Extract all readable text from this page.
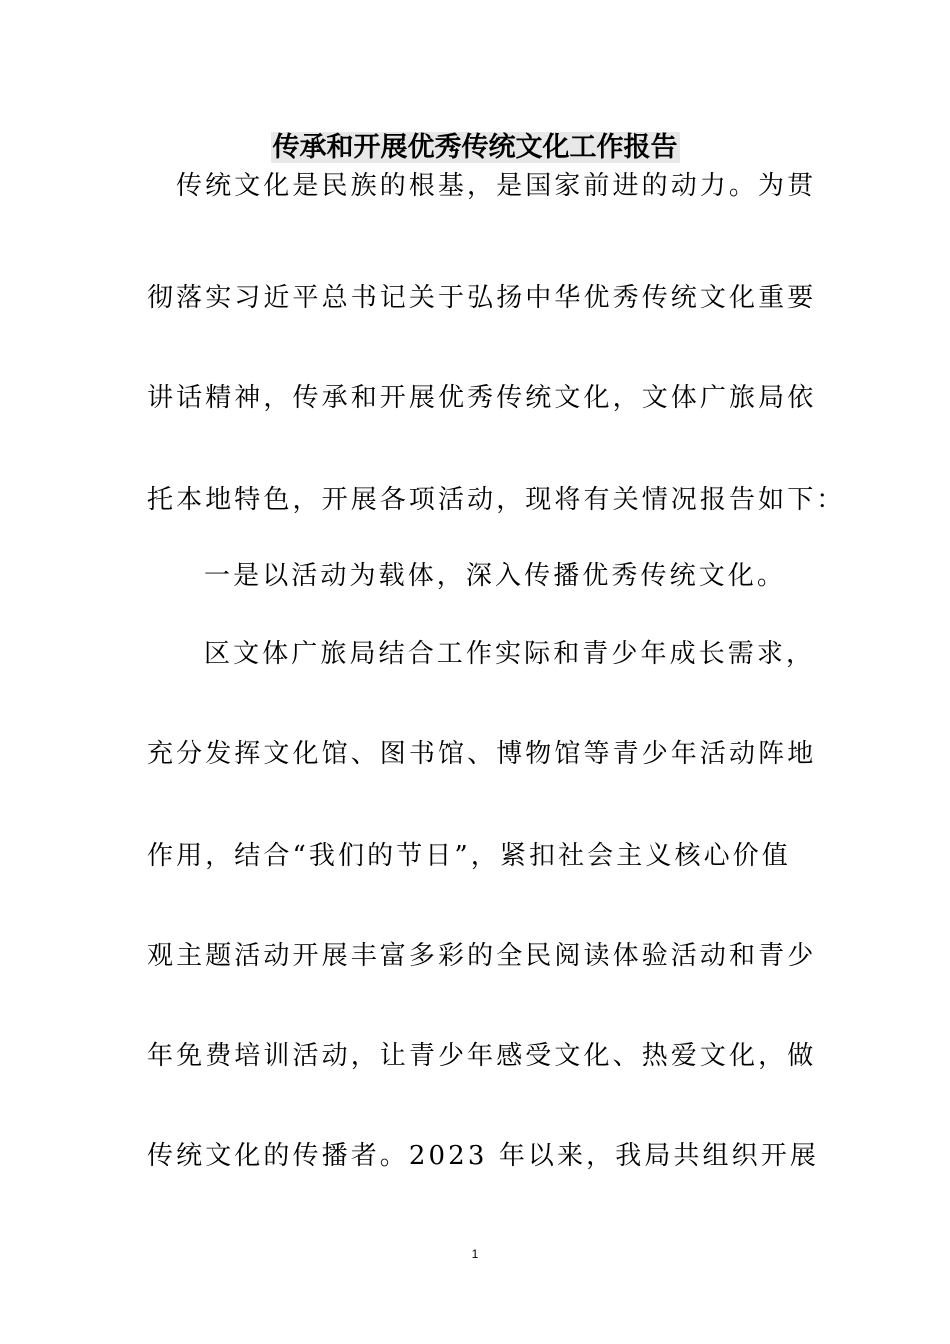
传承和开展优秀传统文化工作报告
传统文化是民族的根基，是国家前进的动力。为贯
彻落实习近平总书记关于弘扬中华优秀传统文化重要
讲话精神，传承和开展优秀传统文化，文体广旅局依
托本地特色，开展各项活动，现将有关情况报告如下：
一是以活动为载体，深入传播优秀传统文化。
区文体广旅局结合工作实际和青少年成长需求，
充分发挥文化馆、图书馆、博物馆等青少年活动阵地
作用，结合“我们的节日”，紧扣社会主义核心价值
观主题活动开展丰富多彩的全民阅读体验活动和青少
年免费培训活动，让青少年感受文化、热爱文化，做
传统文化的传播者。2023 年以来，我局共组织开展
1
